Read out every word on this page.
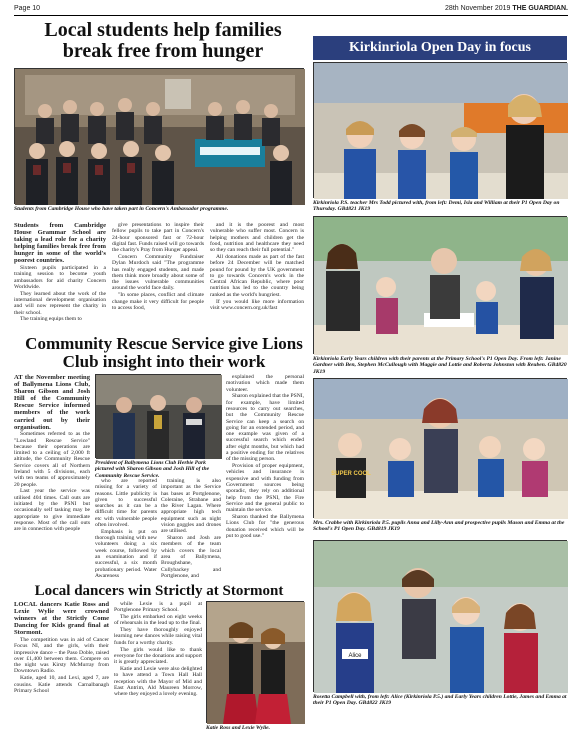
Page 10	28th November 2019 THE GUARDIAN.
Local students help families break free from hunger
Students from Cambridge House who have taken part in Concern's Ambassador programme.

Students from Cambridge House Grammar School are taking a lead role for a charity helping families break free from hunger in some of the world's poorest countries.

Sixteen pupils participated in a training session to become youth ambassadors for aid charity Concern Worldwide.

They learned about the work of the international development organisation and will now represent the charity in their school.

The training equips them to

give presentations to inspire their fellow pupils to take part in Concern's 24-hour sponsored fast or 72-hour digital fast. Funds raised will go towards the charity's Pray from Hunger appeal.

Concern Community Fundraiser Dylan Murdoch said "The programme has really engaged students, and made them think more broadly about some of the issues vulnerable communities around the world face daily.

"In some places, conflict and climate change make it very difficult for people to access food,

and it is the poorest and most vulnerable who suffer most. Concern is helping mothers and children get the food, nutrition and healthcare they need so they can reach their full potential."

All donations made as part of the fast before 24 December will be matched pound for pound by the UK government to go towards Concern's work in the Central African Republic, where poor nutrition has led to the country being ranked as the world's hungriest.

If you would like more information visit www.concern.org.uk/fast

Community Rescue Service give Lions Club insight into their work

AT the November meeting of Ballymena Lions Club, Sharon Gibson and Josh Hill of the Community Rescue Service informed members of the work carried out by their organisation.

Sometimes referred to as the "Lowland Rescue Service" because their operations are limited to a ceiling of 2,000 ft altitude, the Community Rescue Service covers all of Northern Ireland with 5 divisions, each with ten teams of approximately 20 people.

Last year the service was utilised 404 times. Call outs are initiated by the PSNI but occasionally self tasking may be appropriate to give immediate response. Most of the call outs are in connection with people

President of Ballymena Lions Club Herbie Park pictured with Sharon Gibson and Josh Hill of the Community Rescue Service.

who are reported missing for a variety of reasons. Little publicity is given to successful searches as it can be a difficult time for parents etc with vulnerable people often involved.

Emphasis is put on thorough training with new volunteers doing a six week course, followed by an examination and if successful, a six month probationary period. Water Awareness

training is also important as the Service has bases at Portglenone, Coleraine, Strabane and the River Lagan. Where appropriate high tech equipment such as night vision goggles and drones are utilised.

Sharon and Josh are members of the team which covers the local area of Ballymena, Broughshane, Cullybackey and Portglenone, and

explained the personal motivation which made them volunteer.

Sharon explained that the PSNI, for example, have limited resources to carry out searches, but the Community Rescue Service can keep a search on going for an extended period, and one example was given of a successful search which ended after eight months, but which had a positive ending for the relatives of the missing person.

Provision of proper equipment, vehicles and insurance is expensive and with funding from Government sources being sporadic, they rely on additional help from the PSNI, the Fire Service and the general public to maintain the service.

Sharon thanked the Ballymena Lions Club for "the generous donation received which will be put to good use."

Local dancers win Strictly at Stormont

LOCAL dancers Katie Ross and Lexie Wylie were crowned winners at the Strictly Come Dancing for Kids grand final at Stormont.

The competition was in aid of Cancer Focus NI, and the girls, with their impressive dance – the Paso Doble, raised over £1,400 between them. Compere on the night was Kirsty McMurray from Downtown Radio.

Katie, aged 10, and Lexi, aged 7, are cousins. Katie attends Carnalbanagh Primary School

while Lexie is a pupil at Portglenone Primary School.

The girls embarked on eight weeks of rehearsals in the lead up to the final.

They have thoroughly enjoyed learning new dances while raising vital funds for a worthy charity.

The girls would like to thank everyone for the donations and support it is greatly appreciated.

Katie and Lexie were also delighted to have attend a Town Hall Hall reception with the Mayor of Mid and East Antrim, Ald Maureen Morrow, where they enjoyed a lovely evening.

Katie Ross and Lexie Wylie.
Kirkinriola Open Day in focus
Kirkinriola P.S. teacher Mrs Todd pictured with, from left: Demi, Isla and William at their P1 Open Day on Thursday. GB4821 JK19
Kirkinriola Early Years children with their parents at the Primary School's P1 Open Day. From left: Janine Gardner with Ben, Stephen McCullough with Maggie and Lottie and Roberta Johnston with Reuben. GB4820 JK19
SUPER COOL
Mrs. Crabbe with Kirkinriola P.5. pupils Anna and Lilly-Ann and prospective pupils Mason and Emma at the School's P1 Open Day. GB4819 JK19
Alice
Rosetta Campbell with, from left: Alice (Kirkinriola P.5.) and Early Years children Lottie, James and Emma at their P1 Open Day. GB4822 JK19
